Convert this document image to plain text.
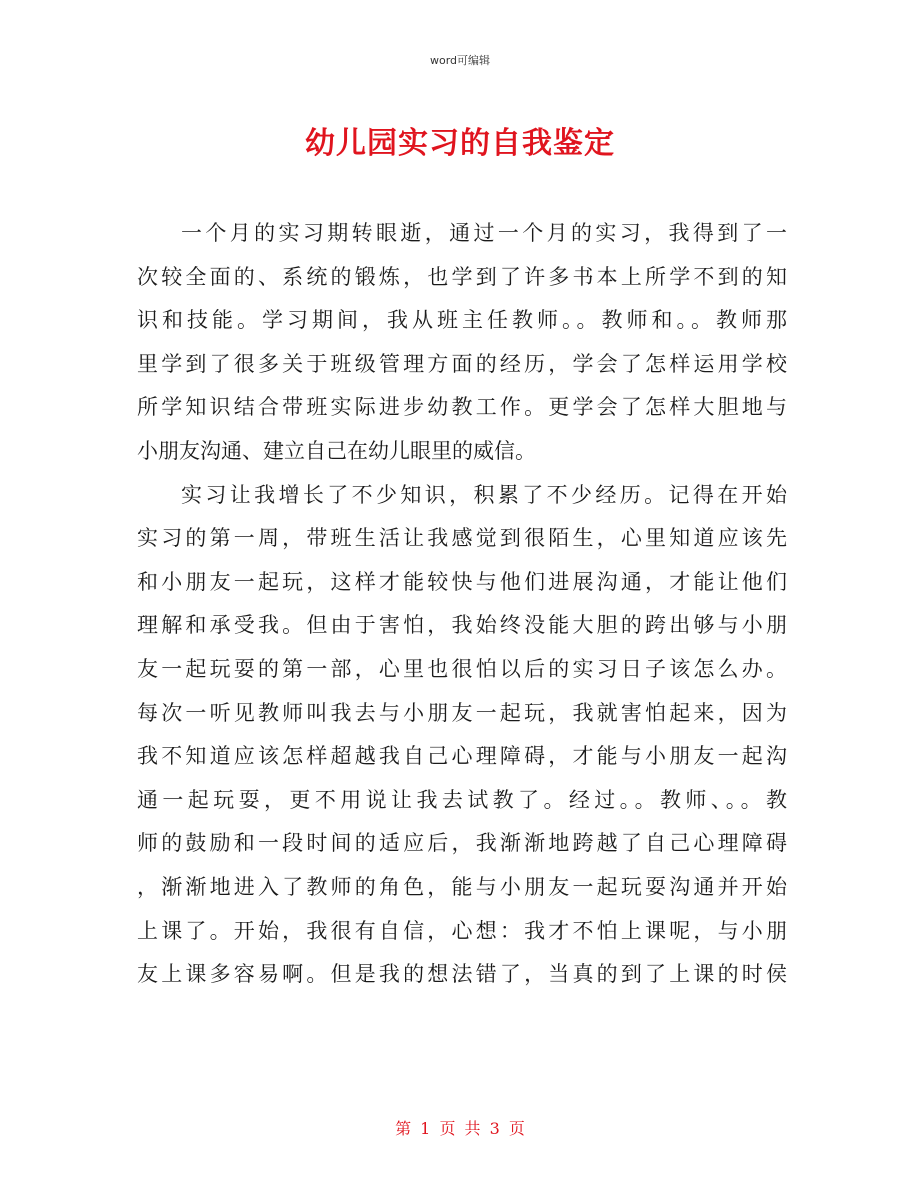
word可编辑
幼儿园实习的自我鉴定
一个月的实习期转眼逝，通过一个月的实习，我得到了一
次较全面的、系统的锻炼，也学到了许多书本上所学不到的知
识和技能。学习期间，我从班主任教师。。教师和。。教师那
里学到了很多关于班级管理方面的经历，学会了怎样运用学校
所学知识结合带班实际进步幼教工作。更学会了怎样大胆地与
小朋友沟通、建立自己在幼儿眼里的威信。
实习让我增长了不少知识，积累了不少经历。记得在开始
实习的第一周，带班生活让我感觉到很陌生，心里知道应该先
和小朋友一起玩，这样才能较快与他们进展沟通，才能让他们
理解和承受我。但由于害怕，我始终没能大胆的跨出够与小朋
友一起玩耍的第一部，心里也很怕以后的实习日子该怎么办。
每次一听见教师叫我去与小朋友一起玩，我就害怕起来，因为
我不知道应该怎样超越我自己心理障碍，才能与小朋友一起沟
通一起玩耍，更不用说让我去试教了。经过。。教师、。。教
师的鼓励和一段时间的适应后，我渐渐地跨越了自己心理障碍
，渐渐地进入了教师的角色，能与小朋友一起玩耍沟通并开始
上课了。开始，我很有自信，心想：我才不怕上课呢，与小朋
友上课多容易啊。但是我的想法错了，当真的到了上课的时侯
第 1 页 共 3 页
